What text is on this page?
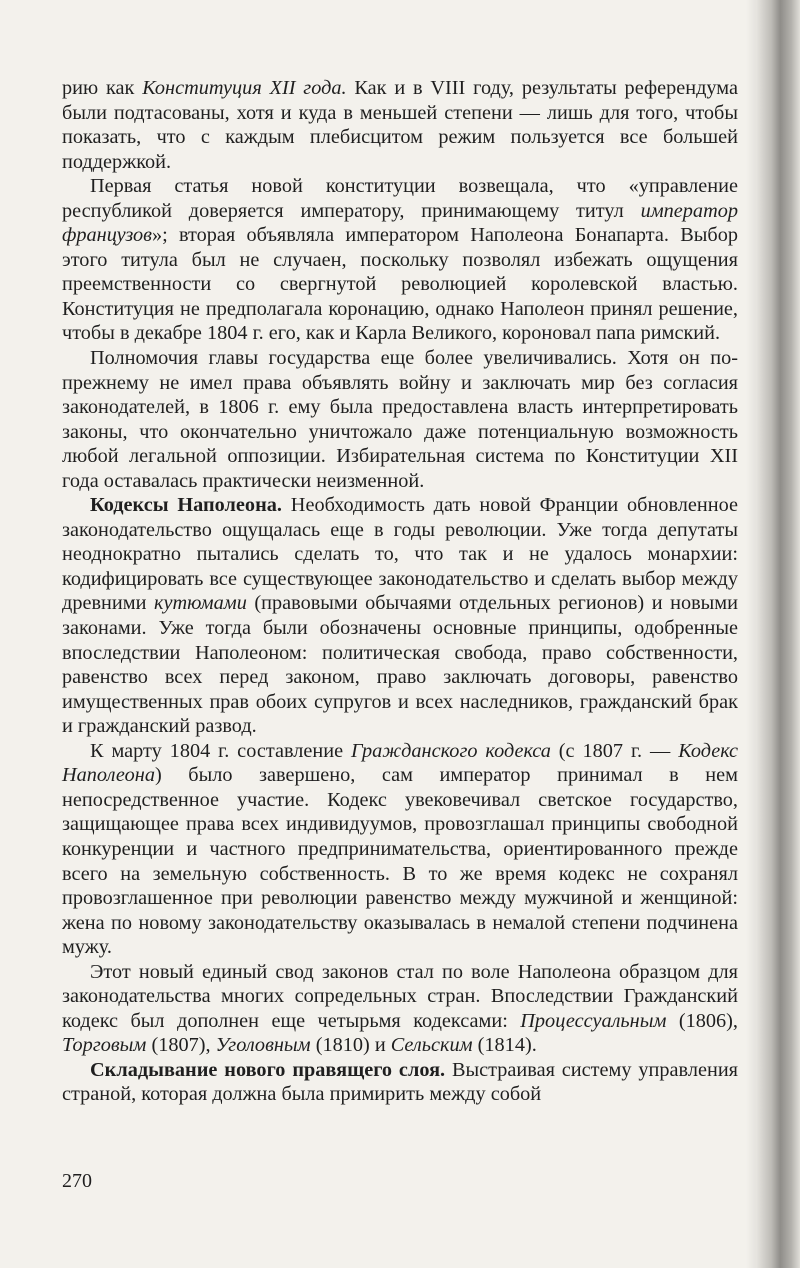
рию как Конституция XII года. Как и в VIII году, результаты референдума были подтасованы, хотя и куда в меньшей степени — лишь для того, чтобы показать, что с каждым плебисцитом режим пользуется все большей поддержкой.

Первая статья новой конституции возвещала, что «управление республикой доверяется императору, принимающему титул император французов»; вторая объявляла императором Наполеона Бонапарта. Выбор этого титула был не случаен, поскольку позволял избежать ощущения преемственности со свергнутой революцией королевской властью. Конституция не предполагала коронацию, однако Наполеон принял решение, чтобы в декабре 1804 г. его, как и Карла Великого, короновал папа римский.

Полномочия главы государства еще более увеличивались. Хотя он по-прежнему не имел права объявлять войну и заключать мир без согласия законодателей, в 1806 г. ему была предоставлена власть интерпретировать законы, что окончательно уничтожало даже потенциальную возможность любой легальной оппозиции. Избирательная система по Конституции XII года оставалась практически неизменной.

Кодексы Наполеона. Необходимость дать новой Франции обновленное законодательство ощущалась еще в годы революции. Уже тогда депутаты неоднократно пытались сделать то, что так и не удалось монархии: кодифицировать все существующее законодательство и сделать выбор между древними кутюмами (правовыми обычаями отдельных регионов) и новыми законами. Уже тогда были обозначены основные принципы, одобренные впоследствии Наполеоном: политическая свобода, право собственности, равенство всех перед законом, право заключать договоры, равенство имущественных прав обоих супругов и всех наследников, гражданский брак и гражданский развод.

К марту 1804 г. составление Гражданского кодекса (с 1807 г. — Кодекс Наполеона) было завершено, сам император принимал в нем непосредственное участие. Кодекс увековечивал светское государство, защищающее права всех индивидуумов, провозглашал принципы свободной конкуренции и частного предпринимательства, ориентированного прежде всего на земельную собственность. В то же время кодекс не сохранял провозглашенное при революции равенство между мужчиной и женщиной: жена по новому законодательству оказывалась в немалой степени подчинена мужу.

Этот новый единый свод законов стал по воле Наполеона образцом для законодательства многих сопредельных стран. Впоследствии Гражданский кодекс был дополнен еще четырьмя кодексами: Процессуальным (1806), Торговым (1807), Уголовным (1810) и Сельским (1814).

Складывание нового правящего слоя. Выстраивая систему управления страной, которая должна была примирить между собой

270
